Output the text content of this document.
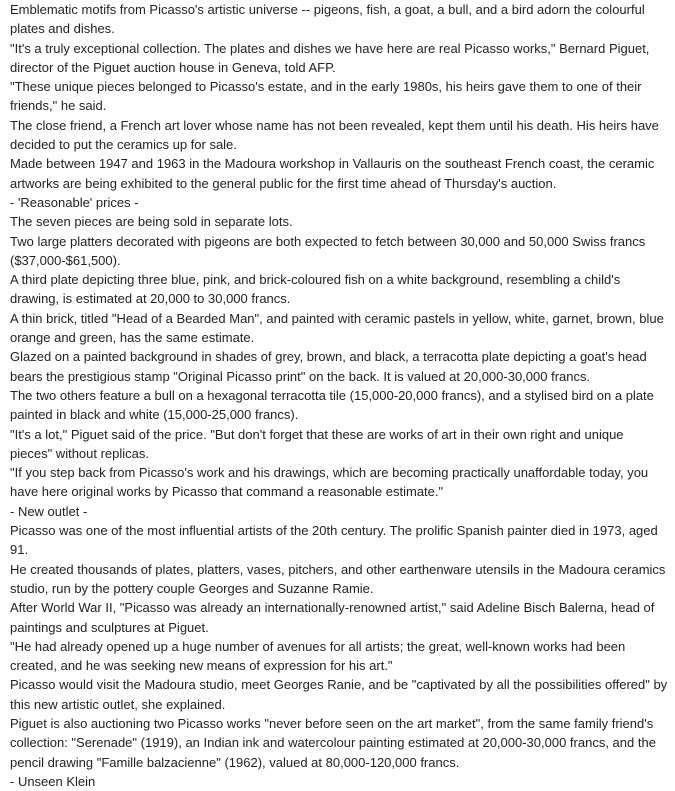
Emblematic motifs from Picasso's artistic universe -- pigeons, fish, a goat, a bull, and a bird adorn the colourful plates and dishes.

"It's a truly exceptional collection. The plates and dishes we have here are real Picasso works," Bernard Piguet, director of the Piguet auction house in Geneva, told AFP.

"These unique pieces belonged to Picasso's estate, and in the early 1980s, his heirs gave them to one of their friends," he said.

The close friend, a French art lover whose name has not been revealed, kept them until his death. His heirs have decided to put the ceramics up for sale.

Made between 1947 and 1963 in the Madoura workshop in Vallauris on the southeast French coast, the ceramic artworks are being exhibited to the general public for the first time ahead of Thursday's auction.

- 'Reasonable' prices -

The seven pieces are being sold in separate lots.

Two large platters decorated with pigeons are both expected to fetch between 30,000 and 50,000 Swiss francs ($37,000-$61,500).

A third plate depicting three blue, pink, and brick-coloured fish on a white background, resembling a child's drawing, is estimated at 20,000 to 30,000 francs.

A thin brick, titled "Head of a Bearded Man", and painted with ceramic pastels in yellow, white, garnet, brown, blue orange and green, has the same estimate.

Glazed on a painted background in shades of grey, brown, and black, a terracotta plate depicting a goat's head bears the prestigious stamp "Original Picasso print" on the back. It is valued at 20,000-30,000 francs.

The two others feature a bull on a hexagonal terracotta tile (15,000-20,000 francs), and a stylised bird on a plate painted in black and white (15,000-25,000 francs).

"It's a lot," Piguet said of the price. "But don't forget that these are works of art in their own right and unique pieces" without replicas.

"If you step back from Picasso's work and his drawings, which are becoming practically unaffordable today, you have here original works by Picasso that command a reasonable estimate."

- New outlet -

Picasso was one of the most influential artists of the 20th century. The prolific Spanish painter died in 1973, aged 91.

He created thousands of plates, platters, vases, pitchers, and other earthenware utensils in the Madoura ceramics studio, run by the pottery couple Georges and Suzanne Ramie.

After World War II, "Picasso was already an internationally-renowned artist," said Adeline Bisch Balerna, head of paintings and sculptures at Piguet.

"He had already opened up a huge number of avenues for all artists; the great, well-known works had been created, and he was seeking new means of expression for his art."

Picasso would visit the Madoura studio, meet Georges Ranie, and be "captivated by all the possibilities offered" by this new artistic outlet, she explained.

Piguet is also auctioning two Picasso works "never before seen on the art market", from the same family friend's collection: "Serenade" (1919), an Indian ink and watercolour painting estimated at 20,000-30,000 francs, and the pencil drawing "Famille balzacienne" (1962), valued at 80,000-120,000 francs.

- Unseen Klein
